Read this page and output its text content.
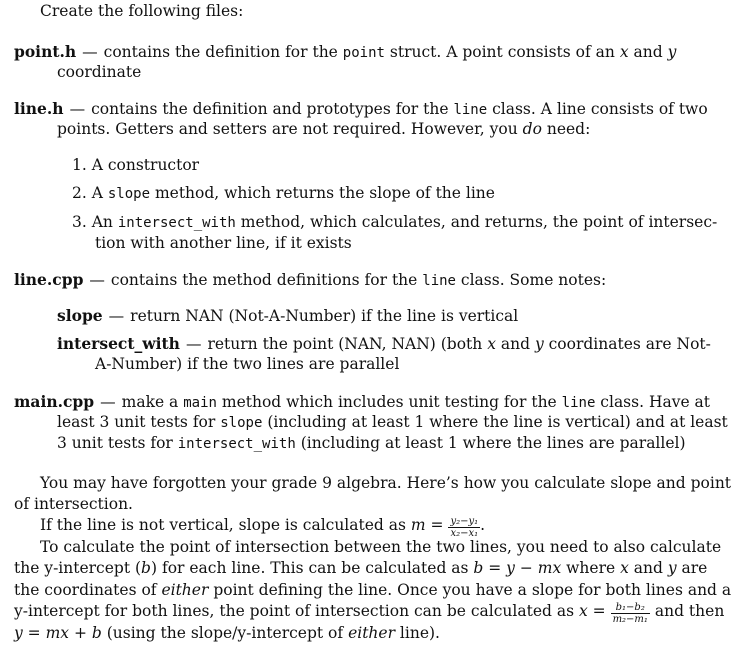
Create the following files:

point.h — contains the definition for the point struct. A point consists of an x and y

coordinate

line.h — contains the definition and prototypes for the line class. A line consists of two

points. Getters and setters are not required. However, you do need:

1. A constructor

2. A slope method, which returns the slope of the line

3. An intersect_with method, which calculates, and returns, the point of intersec-

tion with another line, if it exists

line.cpp — contains the method definitions for the line class. Some notes:

slope — return NAN (Not-A-Number) if the line is vertical

intersect_with — return the point (NAN, NAN) (both x and y coordinates are Not-

A-Number) if the two lines are parallel

main.cpp — make a main method which includes unit testing for the line class. Have at

least 3 unit tests for slope (including at least 1 where the line is vertical) and at least

3 unit tests for intersect_with (including at least 1 where the lines are parallel)

You may have forgotten your grade 9 algebra. Here’s how you calculate slope and point

of intersection.

If the line is not vertical, slope is calculated as $m = \frac{\text{y₂−y₁}}{\text{x₂−x₁}}$ .

To calculate the point of intersection between the two lines, you need to also calculate

the y-intercept (b) for each line. This can be calculated as b = y − mx where x and y are

the coordinates of either point defining the line. Once you have a slope for both lines and a

y-intercept for both lines, the point of intersection can be calculated as $x = \frac{\text{b₁−b₂}}{\text{m₂−m₁}}$ and then

y = mx + b (using the slope/y-intercept of either line).
